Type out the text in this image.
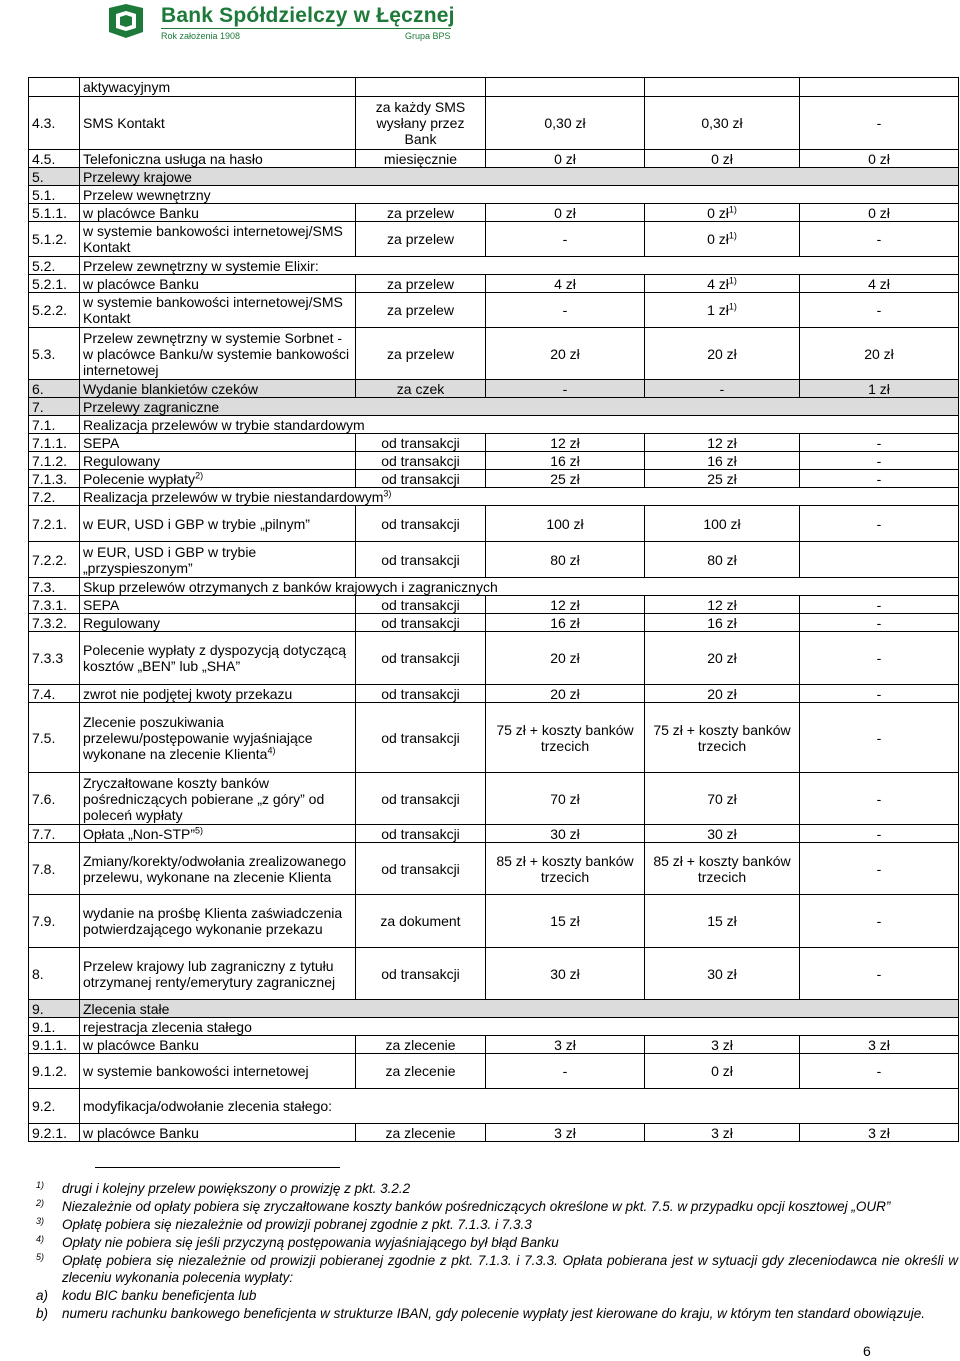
Bank Spółdzielczy w Łęcznej
Rok założenia 1908	Grupa BPS
	aktywacyjnym				
4.3.	SMS Kontakt	za każdy SMS wysłany przez Bank	0,30 zł	0,30 zł	-
4.5.	Telefoniczna usługa na hasło	miesięcznie	0 zł	0 zł	0 zł
5.	Przelewy krajowe				
5.1.	Przelew wewnętrzny				
5.1.1.	w placówce Banku	za przelew	0 zł	0 $zł^{1)}$	0 zł
5.1.2.	w systemie bankowości internetowej/SMS Kontakt	za przelew	-	0 $zł^{1)}$	-
5.2.	Przelew zewnętrzny w systemie Elixir:				
5.2.1.	w placówce Banku	za przelew	4 zł	4 $zł^{1)}$	4 zł
5.2.2.	w systemie bankowości internetowej/SMS Kontakt	za przelew	-	1 $zł^{1)}$	-
5.3.	Przelew zewnętrzny w systemie Sorbnet - w placówce Banku/w systemie bankowości internetowej	za przelew	20 zł	20 zł	20 zł
6.	Wydanie blankietów czeków	za czek	-	-	1 zł
7.	Przelewy zagraniczne				
7.1.	Realizacja przelewów w trybie standardowym				
7.1.1.	SEPA	od transakcji	12 zł	12 zł	-
7.1.2.	Regulowany	od transakcji	16 zł	16 zł	-
7.1.3.	Polecenie wypłaty$^{2)}$	od transakcji	25 zł	25 zł	-
7.2.	Realizacja przelewów w trybie niestandardowym$^{3)}$
7.2.1.	w EUR, USD i GBP w trybie „pilnym”	od transakcji	100 zł	100 zł	-
7.2.2.	w EUR, USD i GBP w trybie „przyspieszonym”	od transakcji	80 zł	80 zł	
7.3.	Skup przelewów otrzymanych z banków krajowych i zagranicznych				
7.3.1.	SEPA	od transakcji	12 zł	12 zł	-
7.3.2.	Regulowany	od transakcji	16 zł	16 zł	-
7.3.3	Polecenie wypłaty z dyspozycją dotyczącą kosztów „BEN” lub „SHA”	od transakcji	20 zł	20 zł	-
7.4.	zwrot nie podjętej kwoty przekazu	od transakcji	20 zł	20 zł	-
7.5.	Zlecenie poszukiwania przelewu/postępowanie wyjaśniające wykonane na zlecenie Klienta$^{4)}$	od transakcji	75 zł + koszty banków trzecich	75 zł + koszty banków trzecich	-
7.6.	Zryczałtowane koszty banków pośredniczących pobierane „z góry” od poleceń wypłaty	od transakcji	70 zł	70 zł	-
7.7.	Opłata „Non-STP”$^{5)}$	od transakcji	30 zł	30 zł	-
7.8.	Zmiany/korekty/odwołania zrealizowanego przelewu, wykonane na zlecenie Klienta	od transakcji	85 zł + koszty banków trzecich	85 zł + koszty banków trzecich	-
7.9.	wydanie na prośbę Klienta zaświadczenia potwierdzającego wykonanie przekazu	za dokument	15 zł	15 zł	-
8.	Przelew krajowy lub zagraniczny z tytułu otrzymanej renty/emerytury zagranicznej	od transakcji	30 zł	30 zł	-
9.	Zlecenia stałe				
9.1.	rejestracja zlecenia stałego				
9.1.1.	w placówce Banku	za zlecenie	3 zł	3 zł	3 zł
9.1.2.	w systemie bankowości internetowej	za zlecenie	-	0 zł	-
9.2.	modyfikacja/odwołanie zlecenia stałego:				
9.2.1.	w placówce Banku	za zlecenie	3 zł	3 zł	3 zł
1) drugi i kolejny przelew powiększony o prowizję z pkt. 3.2.2
2) Niezależnie od opłaty pobiera się zryczałtowane koszty banków pośredniczących określone w pkt. 7.5. w przypadku opcji kosztowej „OUR”
3) Opłatę pobiera się niezależnie od prowizji pobranej zgodnie z pkt. 7.1.3. i 7.3.3
4) Opłaty nie pobiera się jeśli przyczyną postępowania wyjaśniającego był błąd Banku
5) Opłatę pobiera się niezależnie od prowizji pobieranej zgodnie z pkt. 7.1.3. i 7.3.3. Opłata pobierana jest w sytuacji gdy zleceniodawca nie określi w zleceniu wykonania polecenia wypłaty:
a) kodu BIC banku beneficjenta lub
b) numeru rachunku bankowego beneficjenta w strukturze IBAN, gdy polecenie wypłaty jest kierowane do kraju, w którym ten standard obowiązuje.
6
